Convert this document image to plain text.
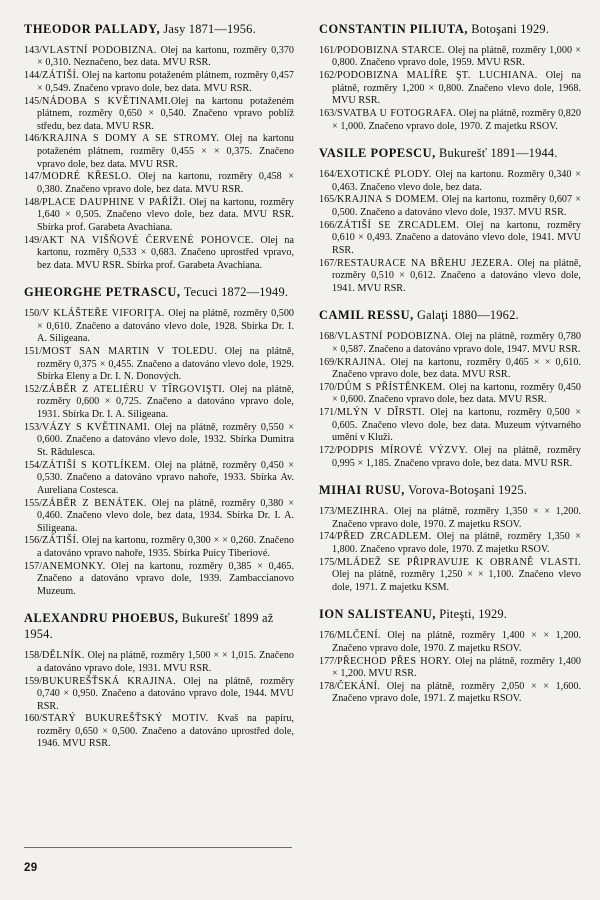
THEODOR PALLADY, Jasy 1871—1956.

143/VLASTNÍ PODOBIZNA. Olej na kartonu, rozměry 0,370 × 0,310. Neznačeno, bez data. MVU RSR.

144/ZÁTIŠÍ. Olej na kartonu potaženém plátnem, rozměry 0,457 × 0,549. Značeno vpravo dole, bez data. MVU RSR.

145/NÁDOBA S KVĚTINAMI.Olej na kartonu potaženém plátnem, rozměry 0,650 × 0,540. Značeno vpravo poblíž středu, bez data. MVU RSR.

146/KRAJINA S DOMY A SE STROMY. Olej na kartonu potaženém plátnem, rozměry 0,455 × × 0,375. Značeno vpravo dole, bez data. MVU RSR.

147/MODRÉ KŘESLO. Olej na kartonu, rozměry 0,458 × 0,380. Značeno vpravo dole, bez data. MVU RSR.

148/PLACE DAUPHINE V PAŘÍŽI. Olej na kartonu, rozměry 1,640 × 0,505. Značeno vlevo dole, bez data. MVU RSR. Sbírka prof. Garabeta Avachiana.

149/AKT NA VIŠŇOVÉ ČERVENÉ POHOVCE. Olej na kartonu, rozměry 0,533 × 0,683. Značeno uprostřed vpravo, bez data. MVU RSR. Sbírka prof. Garabeta Avachiana.

GHEORGHE PETRASCU, Tecuci 1872—1949.

150/V KLÁŠTEŘE VIFORIŢA. Olej na plátně, rozměry 0,500 × 0,610. Značeno a datováno vlevo dole, 1928. Sbírka Dr. I. A. Siligeana.

151/MOST SAN MARTIN V TOLEDU. Olej na plátně, rozměry 0,375 × 0,455. Značeno a datováno vlevo dole, 1929. Sbírka Eleny a Dr. I. N. Donových.

152/ZÁBĚR Z ATELIÉRU V TÎRGOVIŞTI. Olej na plátně, rozměry 0,600 × 0,725. Značeno a datováno vpravo dole, 1931. Sbírka Dr. I. A. Siligeana.

153/VÁZY S KVĚTINAMI. Olej na plátně, rozměry 0,550 × 0,600. Značeno a datováno vlevo dole, 1932. Sbírka Dumitra St. Rădulesca.

154/ZÁTIŠÍ S KOTLÍKEM. Olej na plátně, rozměry 0,450 × 0,530. Značeno a datováno vpravo nahoře, 1933. Sbírka Av. Aureliana Costesca.

155/ZÁBĚR Z BENÁTEK. Olej na plátně, rozměry 0,380 × 0,460. Značeno vlevo dole, bez data, 1934. Sbírka Dr. I. A. Siligeana.

156/ZÁTIŠÍ. Olej na kartonu, rozměry 0,300 × × 0,260. Značeno a datováno vpravo nahoře, 1935. Sbírka Puicy Tiberiové.

157/ANEMONKY. Olej na kartonu, rozměry 0,385 × 0,465. Značeno a datováno vpravo dole, 1939. Zambaccianovo Muzeum.

ALEXANDRU PHOEBUS, Bukurešť 1899 až 1954.

158/DĚLNÍK. Olej na plátně, rozměry 1,500 × × 1,015. Značeno a datováno vpravo dole, 1931. MVU RSR.

159/BUKUREŠŤSKÁ KRAJINA. Olej na plátně, rozměry 0,740 × 0,950. Značeno a datováno vpravo dole, 1944. MVU RSR.

160/STARÝ BUKUREŠŤSKÝ MOTIV. Kvaš na papíru, rozměry 0,650 × 0,500. Značeno a datováno uprostřed dole, 1946. MVU RSR.

CONSTANTIN PILIUTA, Botoşani 1929.

161/PODOBIZNA STARCE. Olej na plátně, rozměry 1,000 × 0,800. Značeno vpravo dole, 1959. MVU RSR.

162/PODOBIZNA MALÍŘE ŞT. LUCHIANA. Olej na plátně, rozměry 1,200 × 0,800. Značeno vlevo dole, 1968. MVU RSR.

163/SVATBA U FOTOGRAFA. Olej na plátně, rozměry 0,820 × 1,000. Značeno vpravo dole, 1970. Z majetku RSOV.

VASILE POPESCU, Bukurešť 1891—1944.

164/EXOTICKÉ PLODY. Olej na kartonu. Rozměry 0,340 × 0,463. Značeno vlevo dole, bez data.

165/KRAJINA S DOMEM. Olej na kartonu, rozměry 0,607 × 0,500. Značeno a datováno vlevo dole, 1937. MVU RSR.

166/ZÁTIŠÍ SE ZRCADLEM. Olej na kartonu, rozměry 0,610 × 0,493. Značeno a datováno vlevo dole, 1941. MVU RSR.

167/RESTAURACE NA BŘEHU JEZERA. Olej na plátně, rozměry 0,510 × 0,612. Značeno a datováno vlevo dole, 1941. MVU RSR.

CAMIL RESSU, Galaţi 1880—1962.

168/VLASTNÍ PODOBIZNA. Olej na plátně, rozměry 0,780 × 0,587. Značeno a datováno vpravo dole, 1947. MVU RSR.

169/KRAJINA. Olej na kartonu, rozměry 0,465 × × 0,610. Značeno vpravo dole, bez data. MVU RSR.

170/DŮM S PŘÍSTĚNKEM. Olej na kartonu, rozměry 0,450 × 0,600. Značeno vpravo dole, bez data. MVU RSR.

171/MLÝN V DÎRSTI. Olej na kartonu, rozměry 0,500 × 0,605. Značeno vlevo dole, bez data. Muzeum výtvarného umění v Kluži.

172/PODPIS MÍROVÉ VÝZVY. Olej na plátně, rozměry 0,995 × 1,185. Značeno vpravo dole, bez data. MVU RSR.

MIHAI RUSU, Vorova-Botoşani 1925.

173/MEZIHRA. Olej na plátně, rozměry 1,350 × × 1,200. Značeno vpravo dole, 1970. Z majetku RSOV.

174/PŘED ZRCADLEM. Olej na plátně, rozměry 1,350 × 1,800. Značeno vpravo dole, 1970. Z majetku RSOV.

175/MLÁDEŽ SE PŘIPRAVUJE K OBRANĚ VLASTI. Olej na plátně, rozměry 1,250 × × 1,100. Značeno vlevo dole, 1971. Z majetku KSM.

ION SALISTEANU, Piteşti, 1929.

176/MLČENÍ. Olej na plátně, rozměry 1,400 × × 1,200. Značeno vpravo dole, 1970. Z majetku RSOV.

177/PŘECHOD PŘES HORY. Olej na plátně, rozměry 1,400 × 1,200. MVU RSR.

178/ČEKÁNÍ. Olej na plátně, rozměry 2,050 × × 1,600. Značeno vpravo dole, 1971. Z majetku RSOV.

29
